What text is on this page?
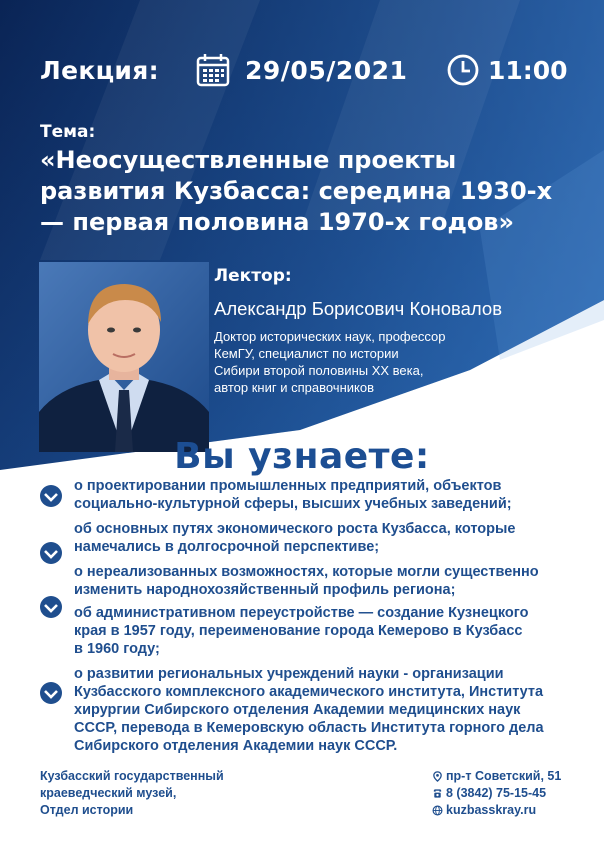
Лекция:	29/05/2021	11:00
Тема:
«Неосуществленные проекты
развития Кузбасса: середина 1930-х
— первая половина 1970-х годов»
Лектор:
Александр Борисович Коновалов
Доктор исторических наук, профессор
КемГУ, специалист по истории
Сибири второй половины XX века,
автор книг и справочников
Вы узнаете:
о проектировании промышленных предприятий, объектов
социально-культурной сферы, высших учебных заведений;
об основных путях экономического роста Кузбасса, которые
намечались в долгосрочной перспективе;
о нереализованных возможностях, которые могли существенно
изменить народнохозяйственный профиль региона;
об административном переустройстве — создание Кузнецкого
края в 1957 году, переименование города Кемерово в Кузбасс
в 1960 году;
о развитии региональных учреждений науки - организации
Кузбасского комплексного академического института, Института
хирургии Сибирского отделения Академии медицинских наук
СССР, перевода в Кемеровскую область Института горного дела
Сибирского отделения Академии наук СССР.
Кузбасский государственный
краеведческий музей,
Отдел истории
пр-т Советский, 51
8 (3842) 75-15-45
kuzbasskray.ru
